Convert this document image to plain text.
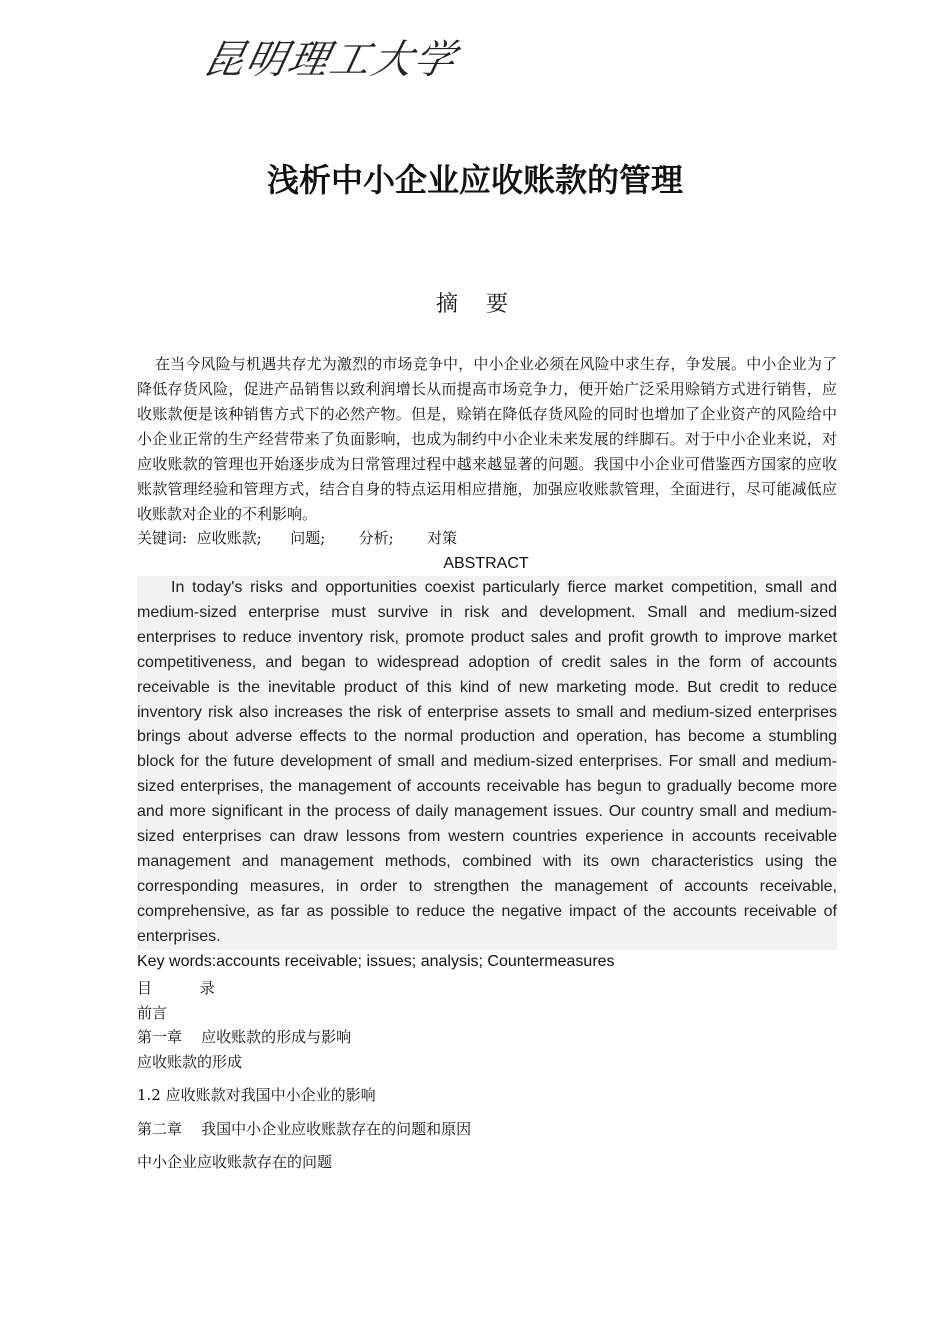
昆明理工大学
浅析中小企业应收账款的管理
摘要
在当今风险与机遇共存尤为激烈的市场竞争中，中小企业必须在风险中求生存，争发展。中小企业为了降低存货风险，促进产品销售以致利润增长从而提高市场竞争力，便开始广泛采用赊销方式进行销售，应收账款便是该种销售方式下的必然产物。但是，赊销在降低存货风险的同时也增加了企业资产的风险给中小企业正常的生产经营带来了负面影响，也成为制约中小企业未来发展的绊脚石。对于中小企业来说，对应收账款的管理也开始逐步成为日常管理过程中越来越显著的问题。我国中小企业可借鉴西方国家的应收账款管理经验和管理方式，结合自身的特点运用相应措施，加强应收账款管理，全面进行，尽可能减低应收账款对企业的不利影响。
关键词:  应收账款;      问题;       分析;       对策
ABSTRACT
In today's risks and opportunities coexist particularly fierce market competition, small and medium-sized enterprise must survive in risk and development. Small and medium-sized enterprises to reduce inventory risk, promote product sales and profit growth to improve market competitiveness, and began to widespread adoption of credit sales in the form of accounts receivable is the inevitable product of this kind of new marketing mode. But credit to reduce inventory risk also increases the risk of enterprise assets to small and medium-sized enterprises brings about adverse effects to the normal production and operation, has become a stumbling block for the future development of small and medium-sized enterprises. For small and medium-sized enterprises, the management of accounts receivable has begun to gradually become more and more significant in the process of daily management issues. Our country small and medium-sized enterprises can draw lessons from western countries experience in accounts receivable management and management methods, combined with its own characteristics using the corresponding measures, in order to strengthen the management of accounts receivable, comprehensive, as far as possible to reduce the negative impact of the accounts receivable of enterprises.
Key words:accounts receivable; issues; analysis; Countermeasures
目          录
前言
第一章    应收账款的形成与影响
应收账款的形成
1.2 应收账款对我国中小企业的影响
第二章    我国中小企业应收账款存在的问题和原因
中小企业应收账款存在的问题
